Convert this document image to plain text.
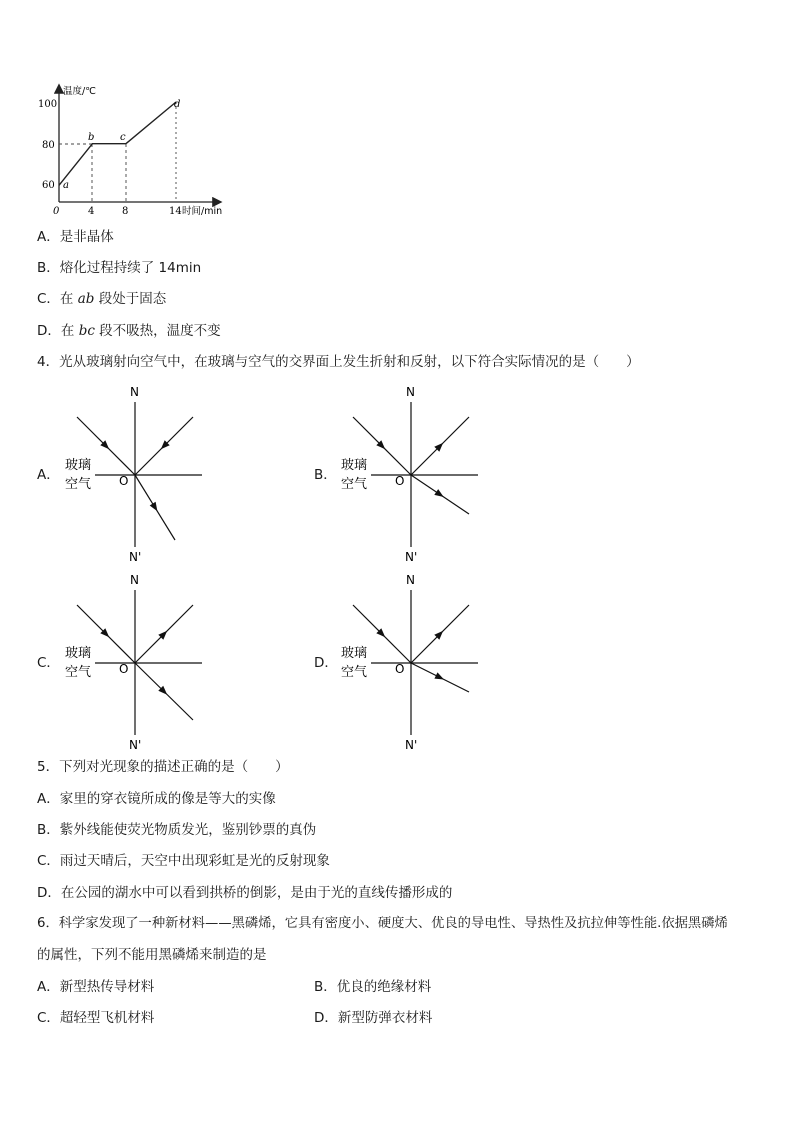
100
80
60
0	4	8	14
温度/℃
时间/min
a
b	c
d
A．是非晶体
B．熔化过程持续了 14min
C．在 ab 段处于固态
D．在 bc 段不吸热，温度不变
4．光从玻璃射向空气中，在玻璃与空气的交界面上发生折射和反射，以下符合实际情况的是（　　）
A．	B．
C．	D．
N
N'
O
玻璃
空气
N
N'
O
玻璃
空气
N
N'
O
玻璃
空气
N
N'
O
玻璃
空气
5．下列对光现象的描述正确的是（　　）
A．家里的穿衣镜所成的像是等大的实像
B．紫外线能使荧光物质发光，鉴别钞票的真伪
C．雨过天晴后，天空中出现彩虹是光的反射现象
D．在公园的湖水中可以看到拱桥的倒影，是由于光的直线传播形成的
6．科学家发现了一种新材料——黑磷烯，它具有密度小、硬度大、优良的导电性、导热性及抗拉伸等性能.依据黑磷烯
的属性，下列不能用黑磷烯来制造的是
A．新型热传导材料	B．优良的绝缘材料
C．超轻型飞机材料	D．新型防弹衣材料
